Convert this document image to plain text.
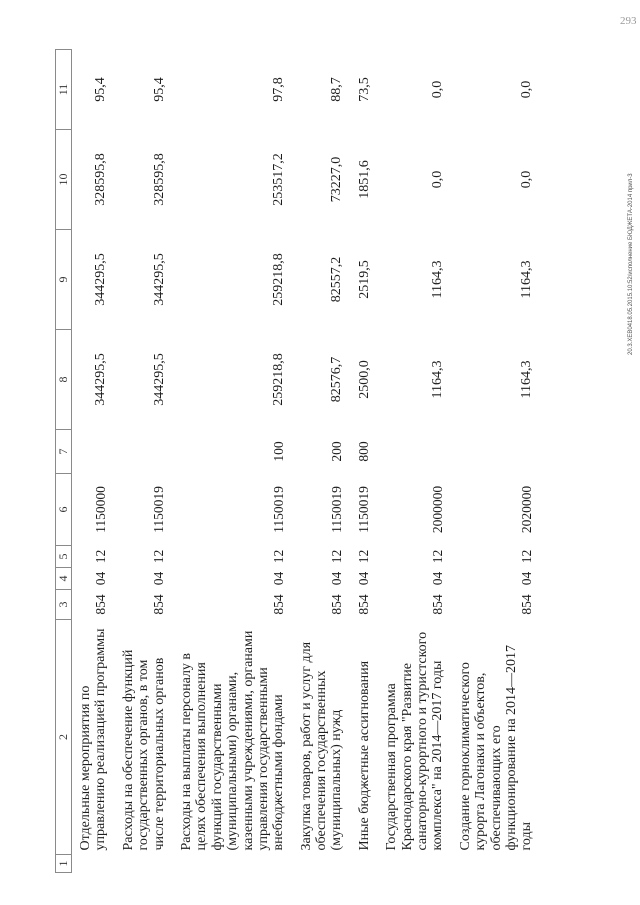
1	2	3	4	5	6	7	8	9	10	11
	Отдельные мероприятия по управлению реализацией программы	854	04	12	1150000		344295,5	344295,5	328595,8	95,4
	Расходы на обеспечение функций государственных органов, в том числе территориальных органов	854	04	12	1150019		344295,5	344295,5	328595,8	95,4
	Расходы на выплаты персоналу в целях обеспечения выполнения функций государственными (муниципальными) органами, казенными учреждениями, органами управления государственными внебюджетными фондами	854	04	12	1150019	100	259218,8	259218,8	253517,2	97,8
	Закупка товаров, работ и услуг для обеспечения государственных (муниципальных) нужд	854	04	12	1150019	200	82576,7	82557,2	73227,0	88,7
	Иные бюджетные ассигнования	854	04	12	1150019	800	2500,0	2519,5	1851,6	73,5
	Государственная программа Краснодарского края "Развитие санаторно-курортного и туристского комплекса" на 2014—2017 годы	854	04	12	2000000		1164,3	1164,3	0,0	0,0
	Создание горноклиматического курорта Лагонаки и объектов, обеспечивающих его функционирование на 2014—2017 годы	854	04	12	2020000		1164,3	1164,3	0,0	0,0
20.3.XEB0418.05.2015.10:52/исполнение БЮДЖЕТА-2014 прил-3
293
